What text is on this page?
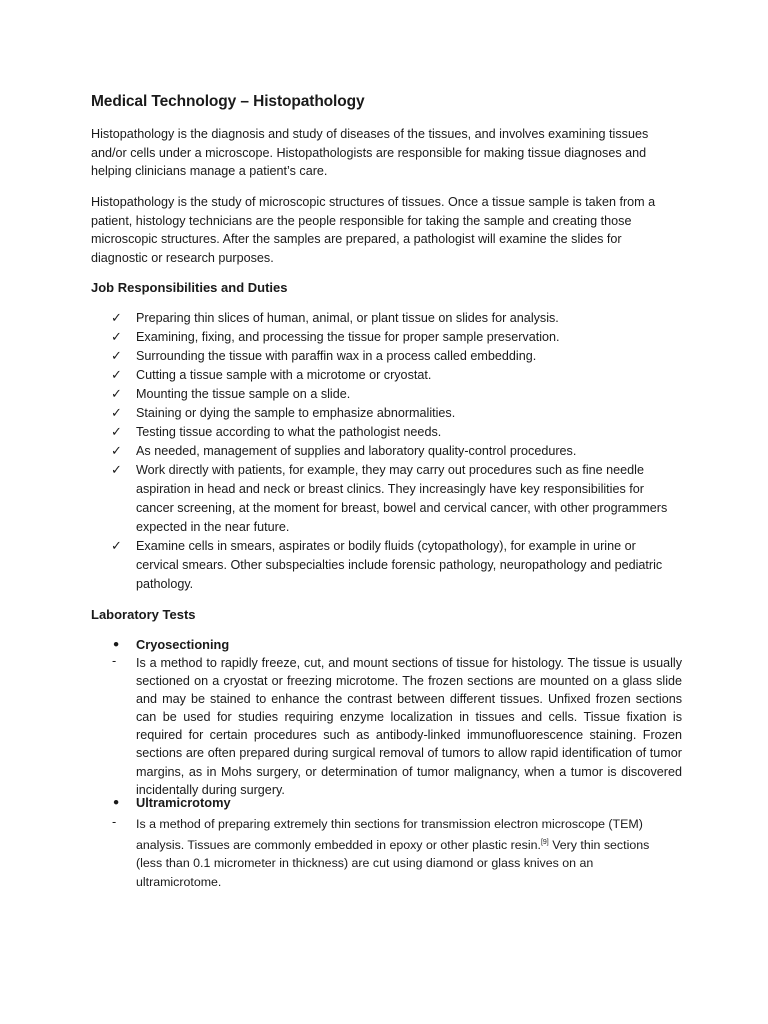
Medical Technology – Histopathology

Histopathology is the diagnosis and study of diseases of the tissues, and involves examining tissues and/or cells under a microscope. Histopathologists are responsible for making tissue diagnoses and helping clinicians manage a patient’s care.

Histopathology is the study of microscopic structures of tissues. Once a tissue sample is taken from a patient, histology technicians are the people responsible for taking the sample and creating those microscopic structures. After the samples are prepared, a pathologist will examine the slides for diagnostic or research purposes.

Job Responsibilities and Duties
✓ Preparing thin slices of human, animal, or plant tissue on slides for analysis.
✓ Examining, fixing, and processing the tissue for proper sample preservation.
✓ Surrounding the tissue with paraffin wax in a process called embedding.
✓ Cutting a tissue sample with a microtome or cryostat.
✓ Mounting the tissue sample on a slide.
✓ Staining or dying the sample to emphasize abnormalities.
✓ Testing tissue according to what the pathologist needs.
✓ As needed, management of supplies and laboratory quality-control procedures.
✓ Work directly with patients, for example, they may carry out procedures such as fine needle aspiration in head and neck or breast clinics. They increasingly have key responsibilities for cancer screening, at the moment for breast, bowel and cervical cancer, with other programmers expected in the near future.
✓ Examine cells in smears, aspirates or bodily fluids (cytopathology), for example in urine or cervical smears. Other subspecialties include forensic pathology, neuropathology and pediatric pathology.
Laboratory Tests
• Cryosectioning
- Is a method to rapidly freeze, cut, and mount sections of tissue for histology. The tissue is usually sectioned on a cryostat or freezing microtome. The frozen sections are mounted on a glass slide and may be stained to enhance the contrast between different tissues. Unfixed frozen sections can be used for studies requiring enzyme localization in tissues and cells. Tissue fixation is required for certain procedures such as antibody-linked immunofluorescence staining. Frozen sections are often prepared during surgical removal of tumors to allow rapid identification of tumor margins, as in Mohs surgery, or determination of tumor malignancy, when a tumor is discovered incidentally during surgery.
• Ultramicrotomy
- Is a method of preparing extremely thin sections for transmission electron microscope (TEM) analysis. Tissues are commonly embedded in epoxy or other plastic resin.[9] Very thin sections (less than 0.1 micrometer in thickness) are cut using diamond or glass knives on an ultramicrotome.
